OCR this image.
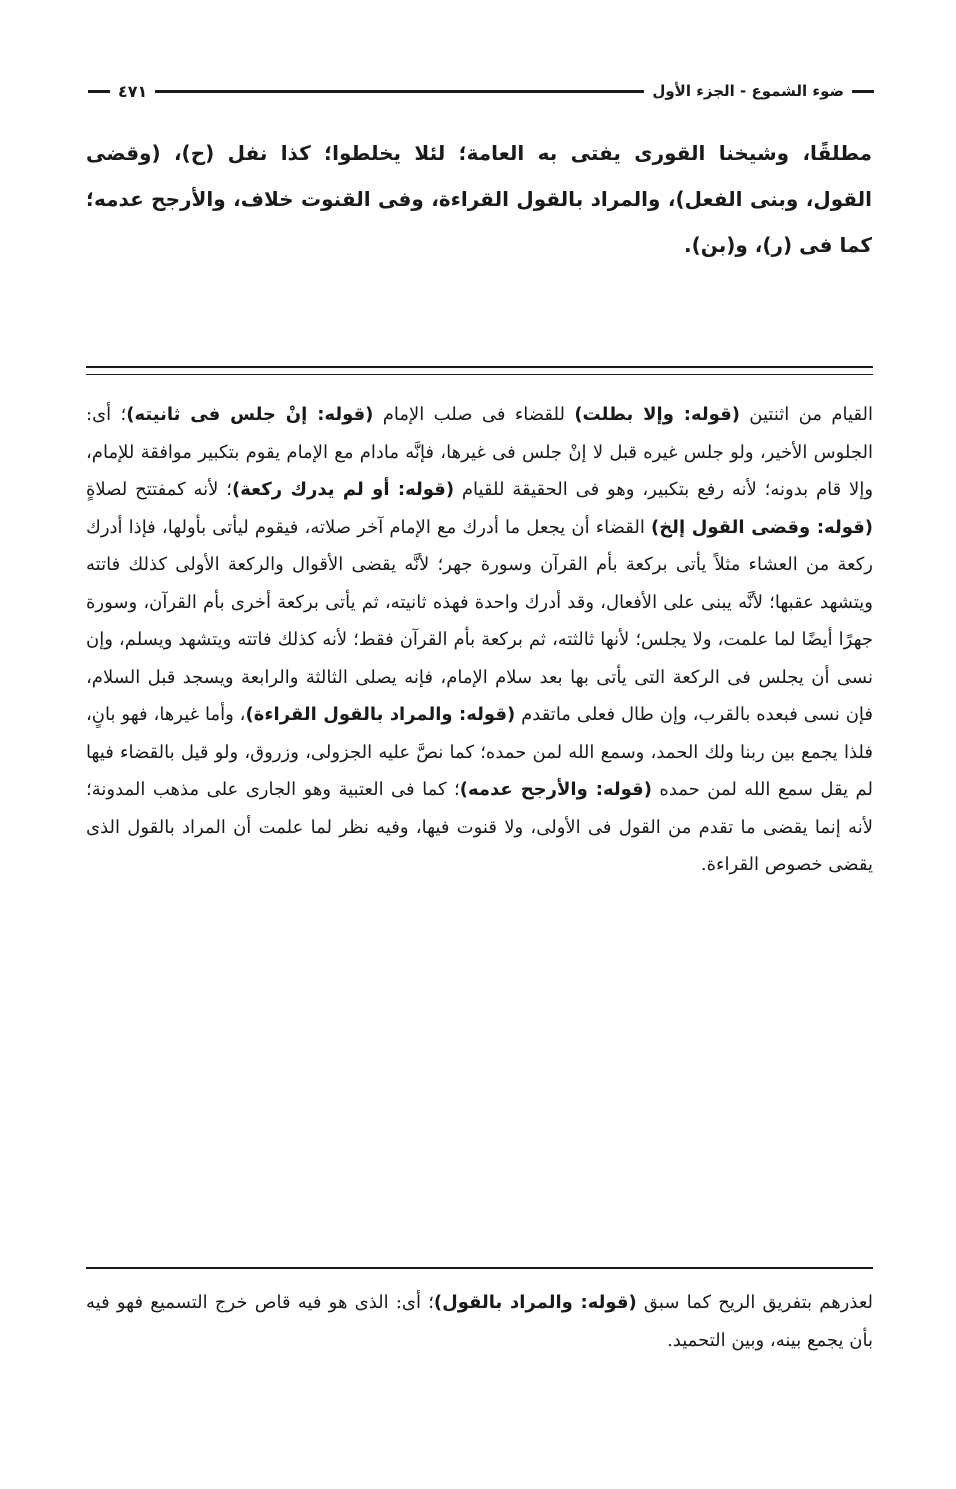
ضوء الشموع - الجزء الأول
٤٧١

مطلقًا، وشيخنا القورى يفتى به العامة؛ لئلا يخلطوا؛ كذا نفل (ح)، (وقضى القول، وبنى الفعل)، والمراد بالقول القراءة، وفى القنوت خلاف، والأرجح عدمه؛ كما فى (ر)، و(بن).

القيام من اثنتين (قوله: وإلا بطلت) للقضاء فى صلب الإمام (قوله: إنْ جلس فى ثانيته)؛ أى: الجلوس الأخير، ولو جلس غيره قبل لا إنْ جلس فى غيرها، فإنَّه مادام مع الإمام يقوم بتكبير موافقة للإمام، وإلا قام بدونه؛ لأنه رفع بتكبير، وهو فى الحقيقة للقيام (قوله: أو لم يدرك ركعة)؛ لأنه كمفتتح لصلاةٍ (قوله: وقضى القول إلخ) القضاء أن يجعل ما أدرك مع الإمام آخر صلاته، فيقوم ليأتى بأولها، فإذا أدرك ركعة من العشاء مثلاً يأتى بركعة بأم القرآن وسورة جهر؛ لأنَّه يقضى الأقوال والركعة الأولى كذلك فاتته ويتشهد عقبها؛ لأنَّه يبنى على الأفعال، وقد أدرك واحدة فهذه ثانيته، ثم يأتى بركعة أخرى بأم القرآن، وسورة جهرًا أيضًا لما علمت، ولا يجلس؛ لأنها ثالثته، ثم بركعة بأم القرآن فقط؛ لأنه كذلك فاتته ويتشهد ويسلم، وإن نسى أن يجلس فى الركعة التى يأتى بها بعد سلام الإمام، فإنه يصلى الثالثة والرابعة ويسجد قبل السلام، فإن نسى فبعده بالقرب، وإن طال فعلى ماتقدم (قوله: والمراد بالقول القراءة)، وأما غيرها، فهو بانٍ، فلذا يجمع بين ربنا ولك الحمد، وسمع الله لمن حمده؛ كما نصَّ عليه الجزولى، وزروق، ولو قيل بالقضاء فيها لم يقل سمع الله لمن حمده (قوله: والأرجح عدمه)؛ كما فى العتبية وهو الجارى على مذهب المدونة؛ لأنه إنما يقضى ما تقدم من القول فى الأولى، ولا قنوت فيها، وفيه نظر لما علمت أن المراد بالقول الذى يقضى خصوص القراءة.

لعذرهم بتفريق الريح كما سبق (قوله: والمراد بالقول)؛ أى: الذى هو فيه قاص خرج التسميع فهو فيه بأن يجمع بينه، وبين التحميد.
